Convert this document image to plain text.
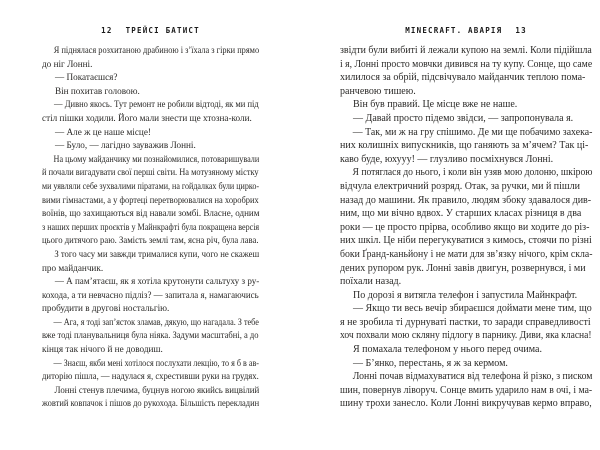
12 ТРЕЙСІ БАТИСТ	MINECRAFT. АВАРІЯ 13
Я піднялася розхитаною драбиною і з’їхала з гірки прямо
до ніг Лонні.
— Покатаєшся?
Він похитав головою.
— Дивно якось. Тут ремонт не робили відтоді, як ми під
стіл пішки ходили. Його мали знести ще хтозна-коли.
— Але ж це наше місце!
— Було, — лагідно зауважив Лонні.
На цьому майданчику ми познайомилися, потоваришували
й почали вигадувати свої перші світи. На мотузяному містку
ми уявляли себе зухвалими піратами, на гойдалках були цирко-
вими гімнастами, а у фортеці перетворювалися на хоробрих
воїнів, що захищаються від навали зомбі. Власне, одним
з наших перших проєктів у Майнкрафті була покращена версія
цього дитячого раю. Замість землі там, ясна річ, була лава.
З того часу ми завжди трималися купи, чого не скажеш
про майданчик.
— А пам’ятаєш, як я хотіла крутонути сальтуху з ру-
кохода, а ти невчасно підліз? — запитала я, намагаючись
пробудити в другові ностальгію.
— Ага, я тоді зап’ясток зламав, дякую, що нагадала. З тебе
вже тоді планувальниця була ніяка. Задуми масштабні, а до
кінця так нічого й не доводиш.
— Знаєш, якби мені хотілося послухати лекцію, то я б в ав-
диторію пішла, — надулася я, схрестивши руки на грудях.
Лонні стенув плечима, буцнув ногою якийсь вицвілий
жовтий ковпачок і пішов до рукохода. Більшість перекладин
звідти були вибиті й лежали купою на землі. Коли підійшла
і я, Лонні просто мовчки дивився на ту купу. Сонце, що саме
хилилося за обрій, підсвічувало майданчик теплою пома-
ранчевою тишею.
Він був правий. Це місце вже не наше.
— Давай просто підемо звідси, — запропонувала я.
— Так, ми ж на гру спішимо. Де ми ще побачимо захека-
них колишніх випускників, що ганяють за м’ячем? Так ці-
каво буде, юхууу! — глузливо посміхнувся Лонні.
Я потяглася до нього, і коли він узяв мою долоню, шкірою
відчула електричний розряд. Отак, за ручки, ми й пішли
назад до машини. Як правило, людям збоку здавалося див-
ним, що ми вічно вдвох. У старших класах різниця в два
роки — це просто прірва, особливо якщо ви ходите до різ-
них шкіл. Це ніби перегукуватися з кимось, стоячи по різні
боки Ґранд-каньйону і не мати для зв’язку нічого, крім скла-
дених рупором рук. Лонні завів двигун, розвернувся, і ми
поїхали назад.
По дорозі я витягла телефон і запустила Майнкрафт.
— Якщо ти весь вечір збираєшся доймати мене тим, що
я не зробила ті дурнуваті пастки, то заради справедливості
хоч похвали мою скляну підлогу в парнику. Диви, яка класна!
Я помахала телефоном у нього перед очима.
— Б’янко, перестань, я ж за кермом.
Лонні почав відмахуватися від телефона й різко, з писком
шин, повернув ліворуч. Сонце вмить ударило нам в очі, і ма-
шину трохи занесло. Коли Лонні викручував кермо вправо,
